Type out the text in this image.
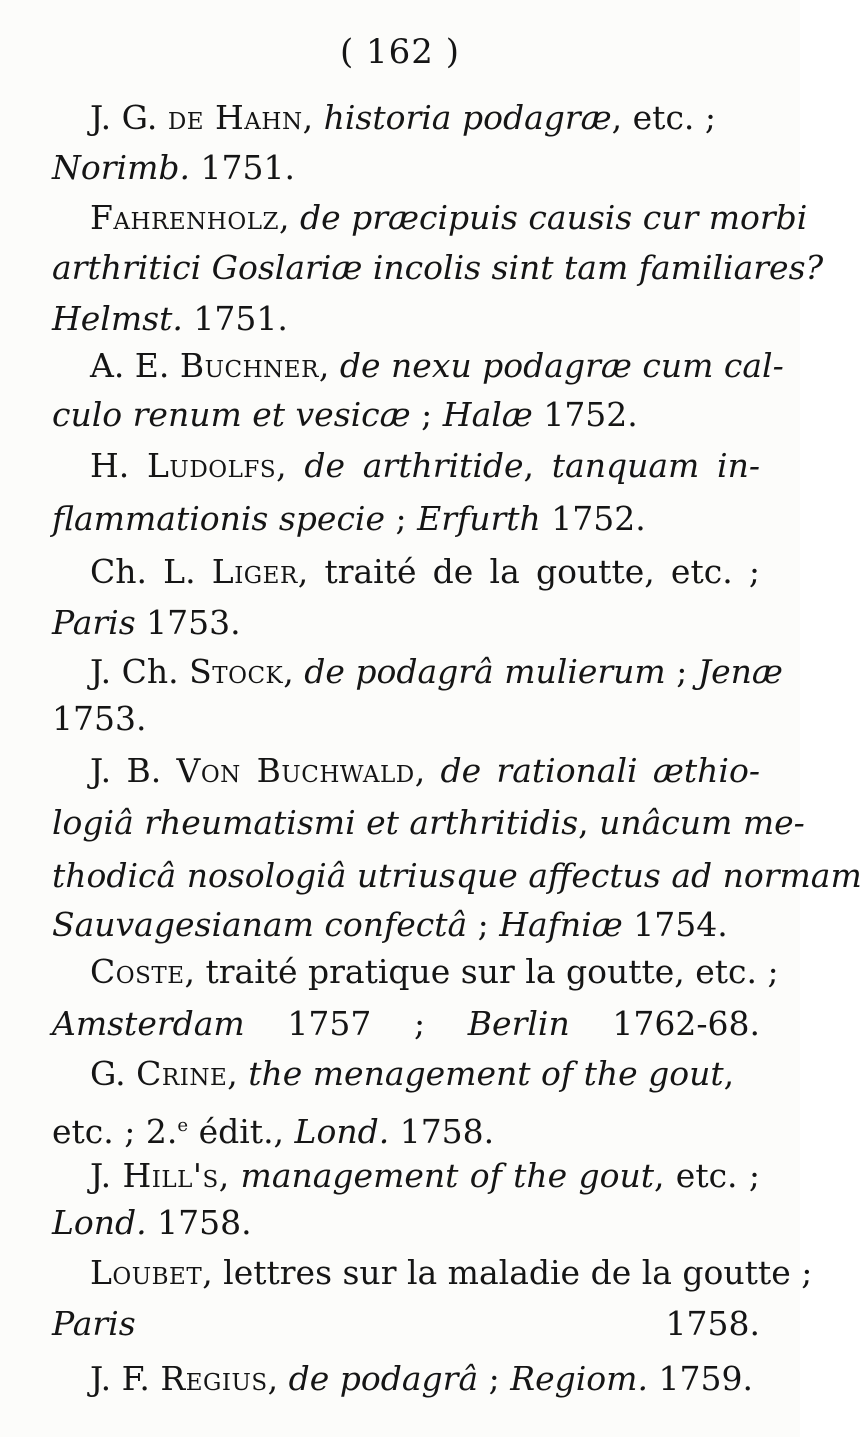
( 162 )
J. G. de Hahn, historia podagræ, etc. ;
Norimb. 1751.
Fahrenholz, de præcipuis causis cur morbi
arthritici Goslariæ incolis sint tam familiares?
Helmst. 1751.
A. E. Buchner, de nexu podagræ cum cal-
culo renum et vesicæ ; Halæ 1752.
H. Ludolfs, de arthritide, tanquam in-
flammationis specie ; Erfurth 1752.
Ch. L. Liger, traité de la goutte, etc. ;
Paris 1753.
J. Ch. Stock, de podagrâ mulierum ; Jenæ
1753.
J. B. Von Buchwald, de rationali æthio-
logiâ rheumatismi et arthritidis, unâcum me-
thodicâ nosologiâ utriusque affectus ad normam
Sauvagesianam confectâ ; Hafniæ 1754.
Coste, traité pratique sur la goutte, etc. ;
Amsterdam 1757 ; Berlin 1762-68.
G. Crine, the menagement of the gout,
etc. ; 2.$^e$ édit., Lond. 1758.
J. Hill's, management of the gout, etc. ;
Lond. 1758.
Loubet, lettres sur la maladie de la goutte ;
Paris 1758.
J. F. Regius, de podagrâ ; Regiom. 1759.
